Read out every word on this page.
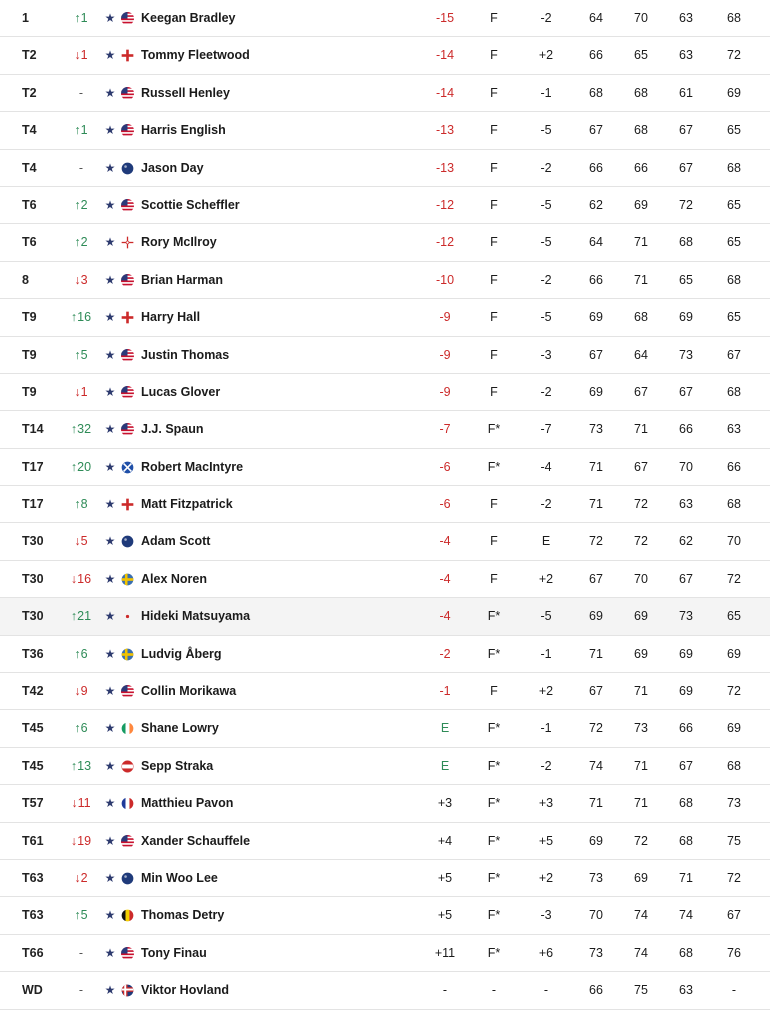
1	↑1	★ Keegan Bradley	-15	F	-2	64	70	63	68
T2	↓1	★ Tommy Fleetwood	-14	F	+2	66	65	63	72
T2	-	★ Russell Henley	-14	F	-1	68	68	61	69
T4	↑1	★ Harris English	-13	F	-5	67	68	67	65
T4	-	★ Jason Day	-13	F	-2	66	66	67	68
T6	↑2	★ Scottie Scheffler	-12	F	-5	62	69	72	65
T6	↑2	★ Rory McIlroy	-12	F	-5	64	71	68	65
8	↓3	★ Brian Harman	-10	F	-2	66	71	65	68
T9	↑16	★ Harry Hall	-9	F	-5	69	68	69	65
T9	↑5	★ Justin Thomas	-9	F	-3	67	64	73	67
T9	↓1	★ Lucas Glover	-9	F	-2	69	67	67	68
T14	↑32	★ J.J. Spaun	-7	F*	-7	73	71	66	63
T17	↑20	★ Robert MacIntyre	-6	F*	-4	71	67	70	66
T17	↑8	★ Matt Fitzpatrick	-6	F	-2	71	72	63	68
T30	↓5	★ Adam Scott	-4	F	E	72	72	62	70
T30	↓16	★ Alex Noren	-4	F	+2	67	70	67	72
T30	↑21	★ Hideki Matsuyama	-4	F*	-5	69	69	73	65
T36	↑6	★ Ludvig Åberg	-2	F*	-1	71	69	69	69
T42	↓9	★ Collin Morikawa	-1	F	+2	67	71	69	72
T45	↑6	★ Shane Lowry	E	F*	-1	72	73	66	69
T45	↑13	★ Sepp Straka	E	F*	-2	74	71	67	68
T57	↓11	★ Matthieu Pavon	+3	F*	+3	71	71	68	73
T61	↓19	★ Xander Schauffele	+4	F*	+5	69	72	68	75
T63	↓2	★ Min Woo Lee	+5	F*	+2	73	69	71	72
T63	↑5	★ Thomas Detry	+5	F*	-3	70	74	74	67
T66	-	★ Tony Finau	+11	F*	+6	73	74	68	76
WD	-	★ Viktor Hovland	-	-	-	66	75	63	-
